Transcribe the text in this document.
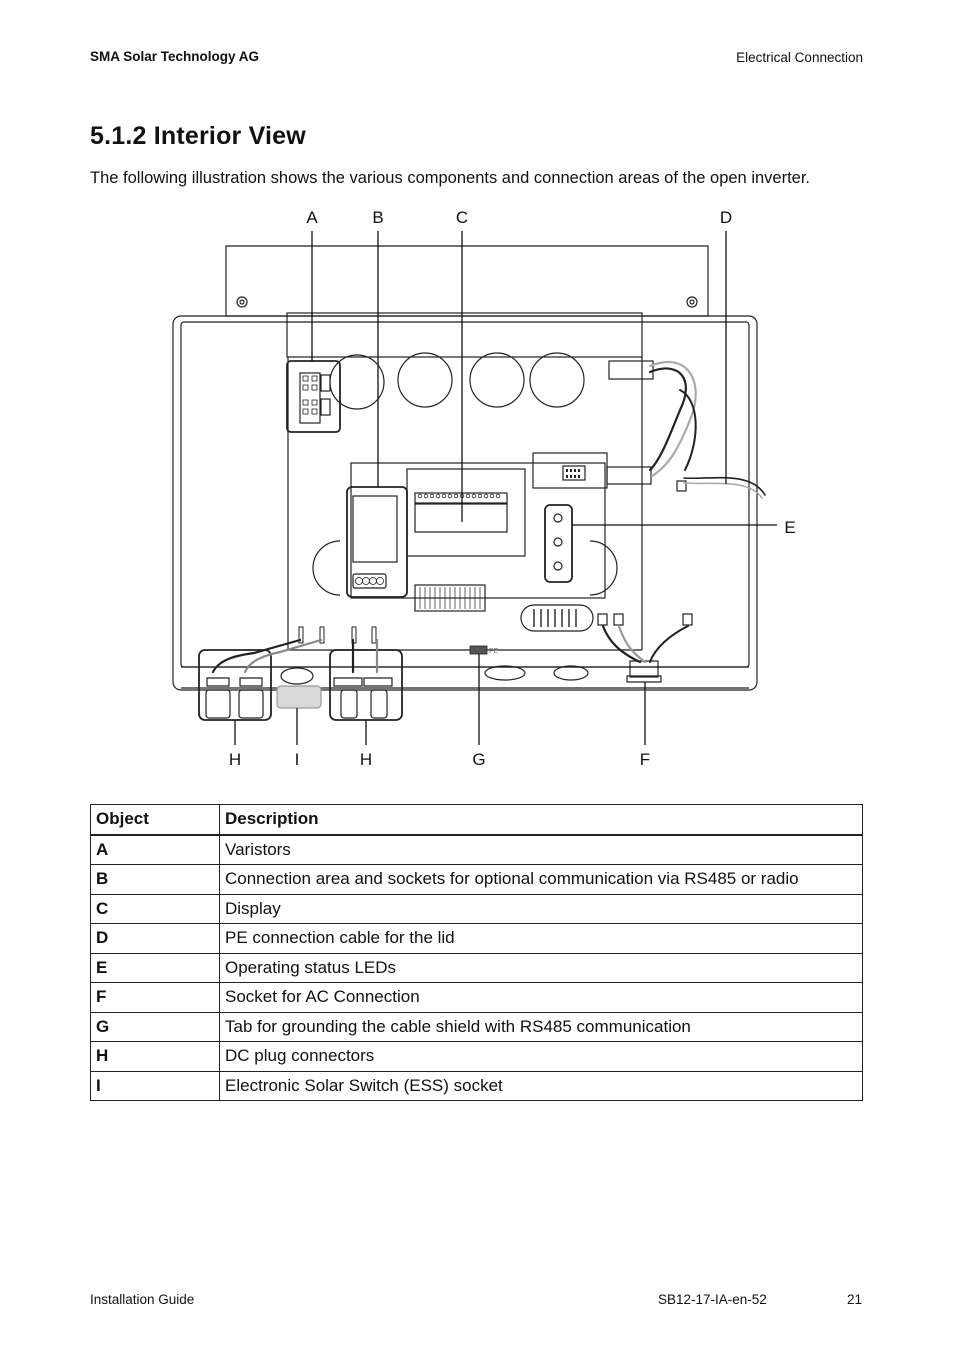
SMA Solar Technology AG	Electrical Connection
5.1.2 Interior View
The following illustration shows the various components and connection areas of the open inverter.
PE
A	B	C	D
E
H	I	H	G	F
Object	Description
A	Varistors
B	Connection area and sockets for optional communication via RS485 or radio
C	Display
D	PE connection cable for the lid
E	Operating status LEDs
F	Socket for AC Connection
G	Tab for grounding the cable shield with RS485 communication
H	DC plug connectors
I	Electronic Solar Switch (ESS) socket
Installation Guide	SB12-17-IA-en-52	21
